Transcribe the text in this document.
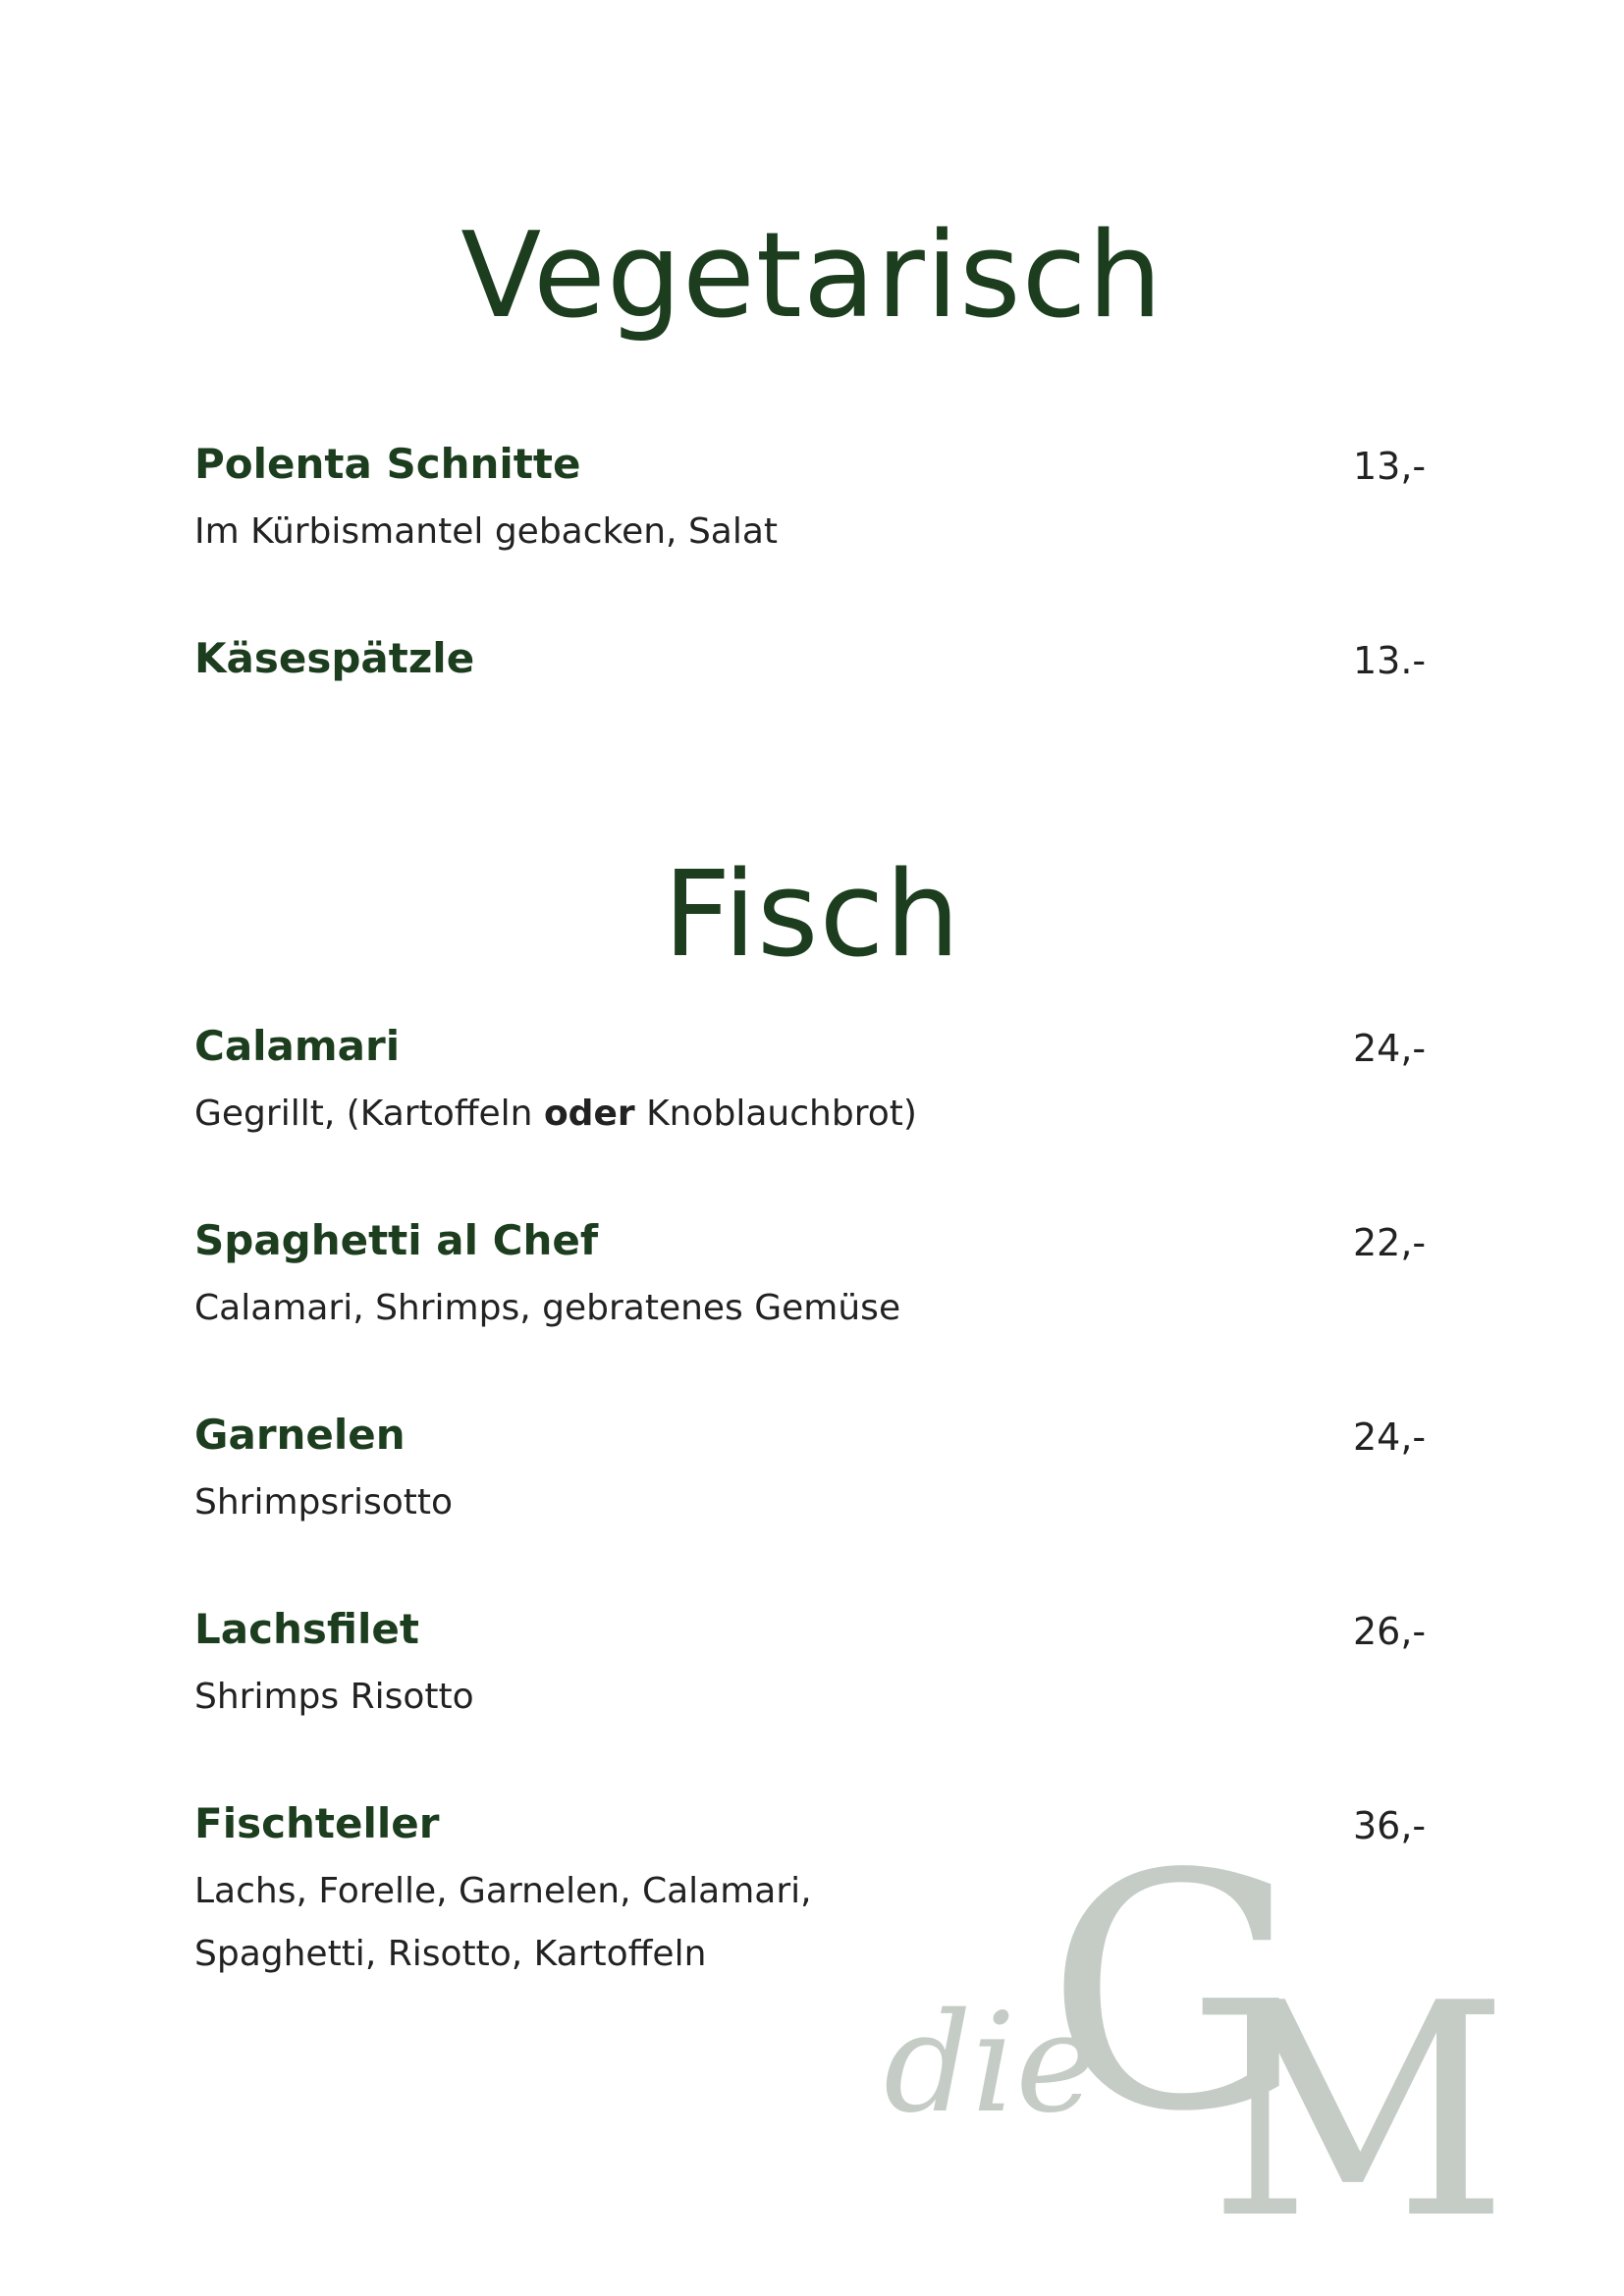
Vegetarisch
Polenta Schnitte	13,-
Im Kürbismantel gebacken, Salat
Käsespätzle	13.-
Fisch
Calamari	24,-
Gegrillt, (Kartoffeln oder Knoblauchbrot)
Spaghetti al Chef	22,-
Calamari, Shrimps, gebratenes Gemüse
Garnelen	24,-
Shrimpsrisotto
Lachsfilet	26,-
Shrimps Risotto
Fischteller	36,-
Lachs, Forelle, Garnelen, Calamari,
Spaghetti, Risotto, Kartoffeln	G
M
die
